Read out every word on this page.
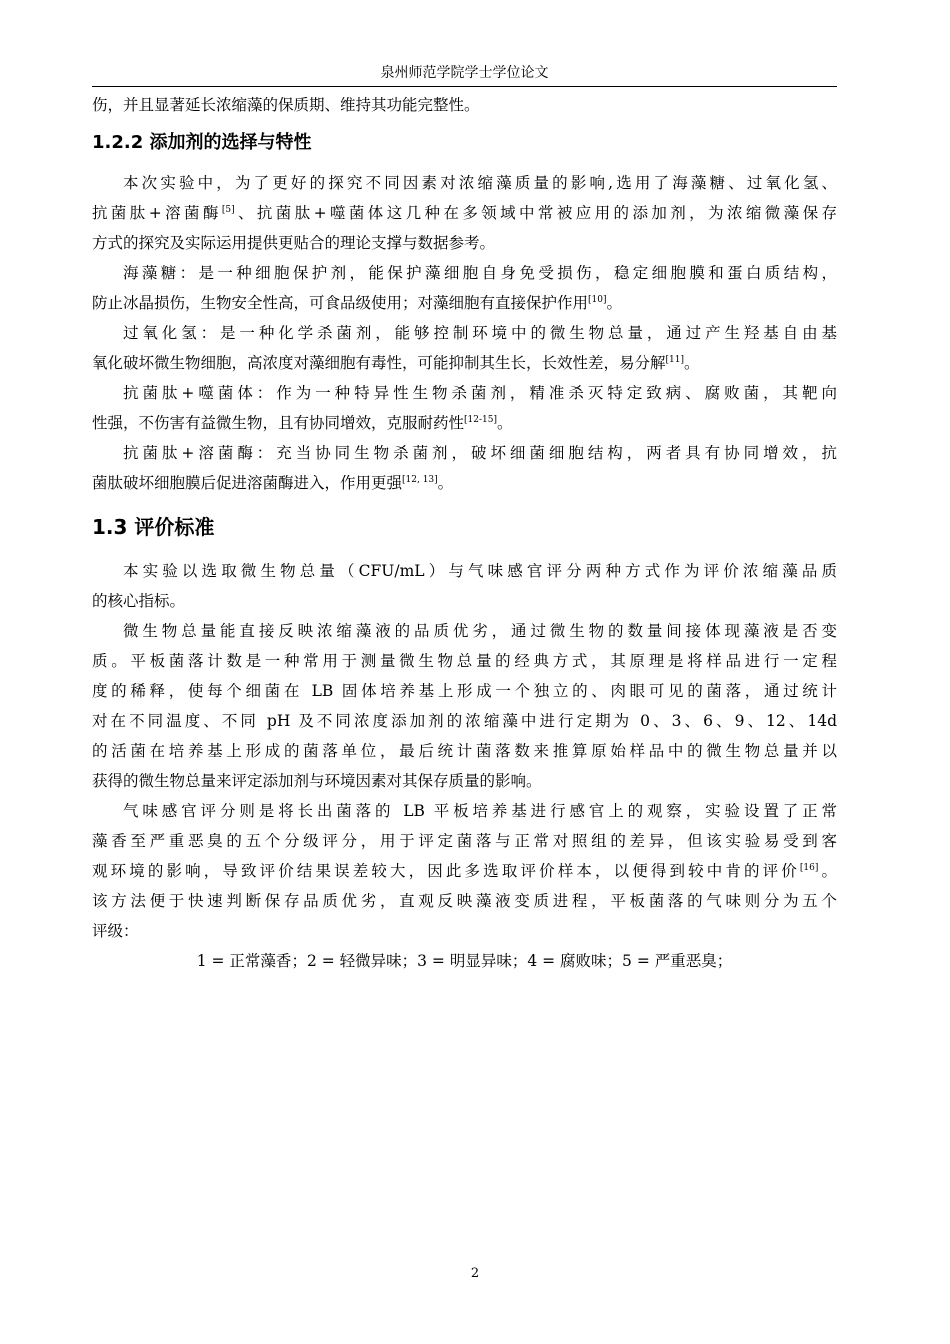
泉州师范学院学士学位论文
伤，并且显著延长浓缩藻的保质期、维持其功能完整性。
1.2.2 添加剂的选择与特性
本次实验中，为了更好的探究不同因素对浓缩藻质量的影响,选用了海藻糖、过氧化氢、
抗菌肽+溶菌酶[5]、抗菌肽+噬菌体这几种在多领域中常被应用的添加剂，为浓缩微藻保存
方式的探究及实际运用提供更贴合的理论支撑与数据参考。
海藻糖：是一种细胞保护剂，能保护藻细胞自身免受损伤，稳定细胞膜和蛋白质结构，
防止冰晶损伤，生物安全性高，可食品级使用；对藻细胞有直接保护作用[10]。
过氧化氢：是一种化学杀菌剂，能够控制环境中的微生物总量，通过产生羟基自由基
氧化破坏微生物细胞，高浓度对藻细胞有毒性，可能抑制其生长，长效性差，易分解[11]。
抗菌肽+噬菌体：作为一种特异性生物杀菌剂，精准杀灭特定致病、腐败菌，其靶向
性强，不伤害有益微生物，且有协同增效，克服耐药性[12-15]。
抗菌肽+溶菌酶：充当协同生物杀菌剂，破坏细菌细胞结构，两者具有协同增效，抗
菌肽破坏细胞膜后促进溶菌酶进入，作用更强[12, 13]。
1.3 评价标准
本实验以选取微生物总量（CFU/mL）与气味感官评分两种方式作为评价浓缩藻品质
的核心指标。
微生物总量能直接反映浓缩藻液的品质优劣，通过微生物的数量间接体现藻液是否变
质。平板菌落计数是一种常用于测量微生物总量的经典方式，其原理是将样品进行一定程
度的稀释，使每个细菌在 LB 固体培养基上形成一个独立的、肉眼可见的菌落，通过统计
对在不同温度、不同 pH 及不同浓度添加剂的浓缩藻中进行定期为 0、3、6、9、12、14d
的活菌在培养基上形成的菌落单位，最后统计菌落数来推算原始样品中的微生物总量并以
获得的微生物总量来评定添加剂与环境因素对其保存质量的影响。
气味感官评分则是将长出菌落的 LB 平板培养基进行感官上的观察，实验设置了正常
藻香至严重恶臭的五个分级评分，用于评定菌落与正常对照组的差异，但该实验易受到客
观环境的影响，导致评价结果误差较大，因此多选取评价样本，以便得到较中肯的评价[16]。
该方法便于快速判断保存品质优劣，直观反映藻液变质进程，平板菌落的气味则分为五个
评级：
1 = 正常藻香；2 = 轻微异味；3 = 明显异味；4 = 腐败味；5 = 严重恶臭；
2
